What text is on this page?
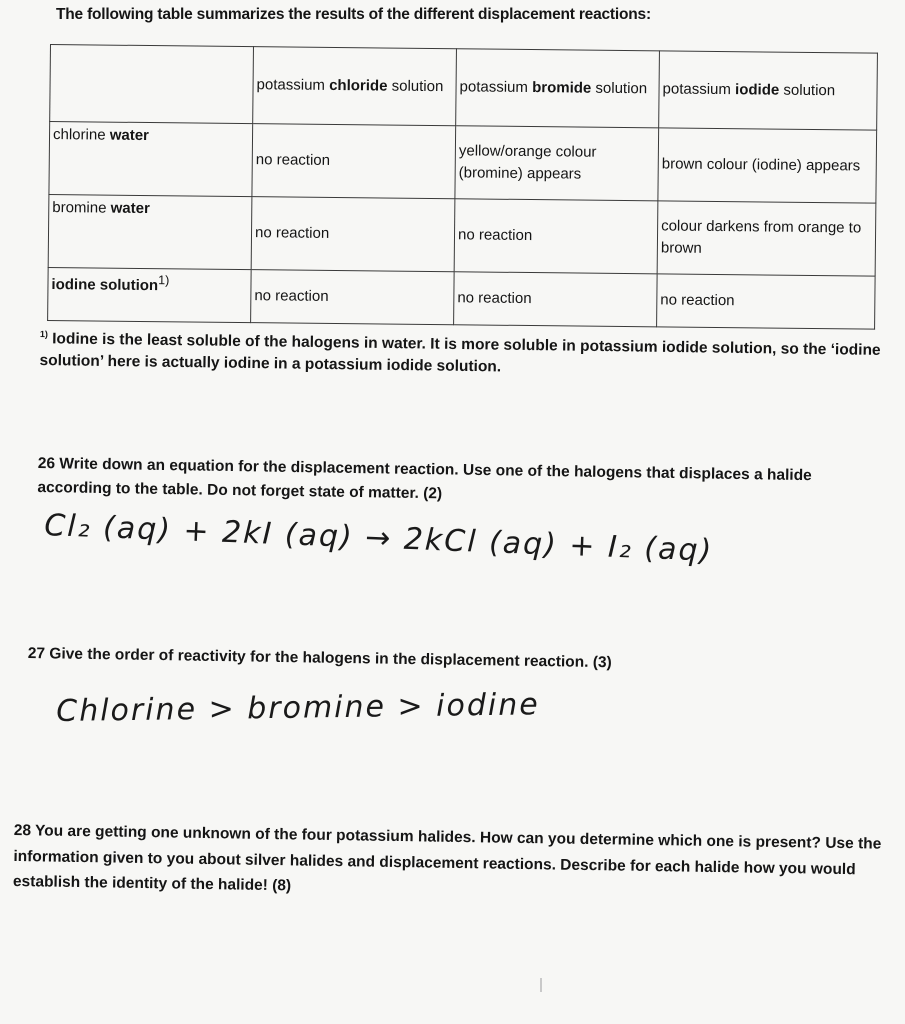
The following table summarizes the results of the different displacement reactions:
	potassium chloride solution	potassium bromide solution	potassium iodide solution
chlorine water	no reaction	yellow/orange colour (bromine) appears	brown colour (iodine) appears
bromine water	no reaction	no reaction	colour darkens from orange to brown
iodine solution$^{1)}$	no reaction	no reaction	no reaction
$^{1)}$ Iodine is the least soluble of the halogens in water. It is more soluble in potassium iodide solution, so the ‘iodine solution’ here is actually iodine in a potassium iodide solution.
26 Write down an equation for the displacement reaction. Use one of the halogens that displaces a halide according to the table. Do not forget state of matter. (2)
Cl₂ (aq) + 2kI (aq) → 2kCl (aq) + I₂ (aq)
27 Give the order of reactivity for the halogens in the displacement reaction. (3)
Chlorine > bromine > iodine
28 You are getting one unknown of the four potassium halides. How can you determine which one is present? Use the information given to you about silver halides and displacement reactions. Describe for each halide how you would establish the identity of the halide! (8)
